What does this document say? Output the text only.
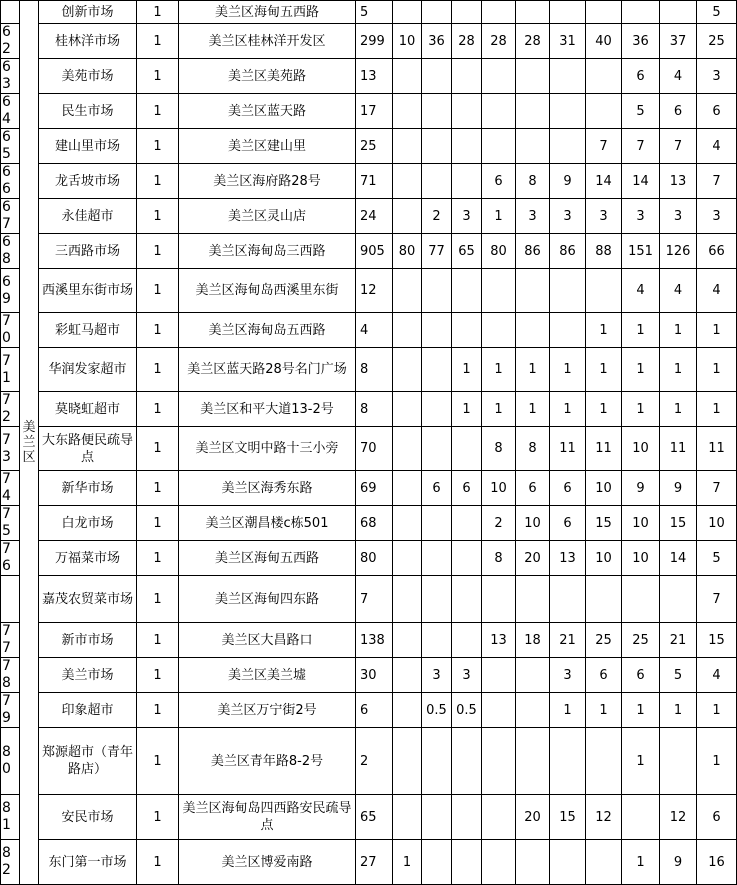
	美兰区	创新市场	1	美兰区海甸五西路	5										5
62		桂林洋市场	1	美兰区桂林洋开发区	299	10	36	28	28	28	31	40	36	37	25
63		美苑市场	1	美兰区美苑路	13								6	4	3
64		民生市场	1	美兰区蓝天路	17								5	6	6
65		建山里市场	1	美兰区建山里	25							7	7	7	4
66		龙舌坡市场	1	美兰区海府路28号	71				6	8	9	14	14	13	7
67		永佳超市	1	美兰区灵山店	24		2	3	1	3	3	3	3	3	3
68		三西路市场	1	美兰区海甸岛三西路	905	80	77	65	80	86	86	88	151	126	66
69		西溪里东街市场	1	美兰区海甸岛西溪里东街	12								4	4	4
70		彩虹马超市	1	美兰区海甸岛五西路	4							1	1	1	1
71		华润发家超市	1	美兰区蓝天路28号名门广场	8			1	1	1	1	1	1	1	1
72		莫晓虹超市	1	美兰区和平大道13-2号	8			1	1	1	1	1	1	1	1
73		大东路便民疏导点	1	美兰区文明中路十三小旁	70				8	8	11	11	10	11	11
74		新华市场	1	美兰区海秀东路	69		6	6	10	6	6	10	9	9	7
75		白龙市场	1	美兰区潮昌楼c栋501	68				2	10	6	15	10	15	10
76		万福菜市场	1	美兰区海甸五西路	80				8	20	13	10	10	14	5
		嘉茂农贸菜市场	1	美兰区海甸四东路	7										7
77		新市市场	1	美兰区大昌路口	138				13	18	21	25	25	21	15
78		美兰市场	1	美兰区美兰墟	30		3	3			3	6	6	5	4
79		印象超市	1	美兰区万宁街2号	6		0.5	0.5			1	1	1	1	1
80		郑源超市（青年路店）	1	美兰区青年路8-2号	2								1		1
81		安民市场	1	美兰区海甸岛四西路安民疏导点	65					20	15	12		12	6
82		东门第一市场	1	美兰区博爱南路	27	1							1	9	16
